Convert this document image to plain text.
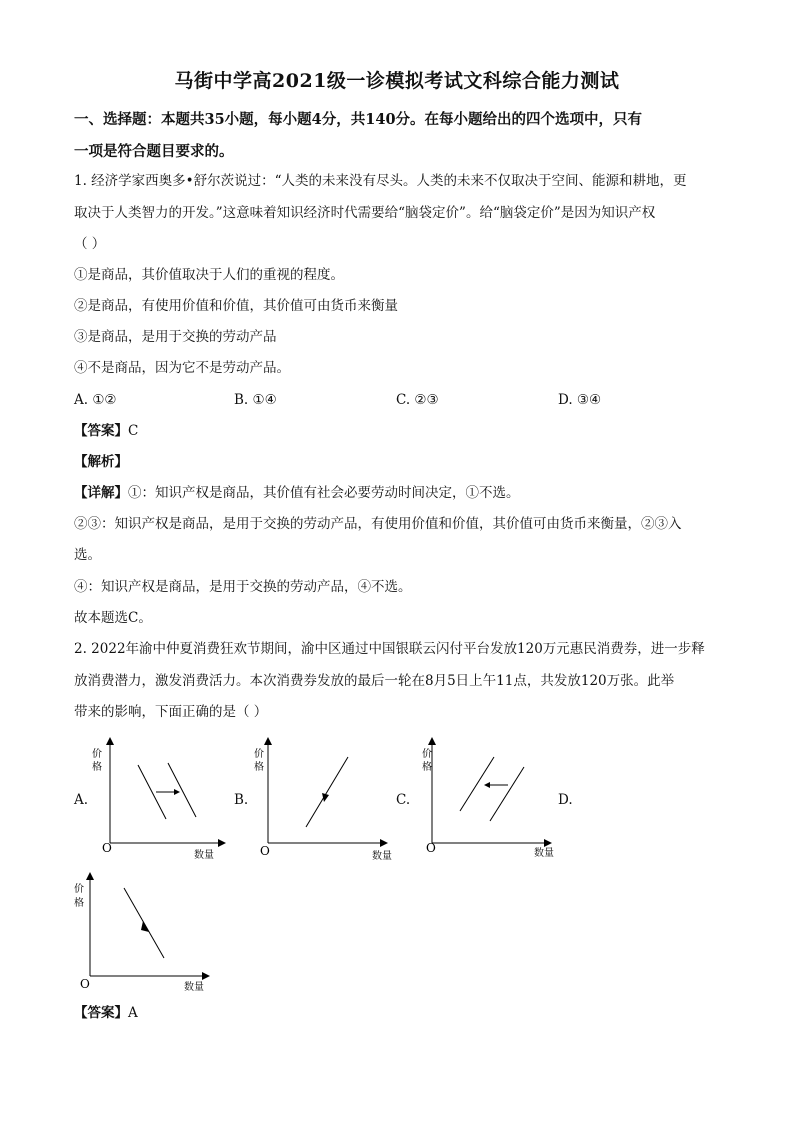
马街中学高2021级一诊模拟考试文科综合能力测试
一、选择题：本题共35小题，每小题4分，共140分。在每小题给出的四个选项中，只有
一项是符合题目要求的。
1. 经济学家西奥多•舒尔茨说过：“人类的未来没有尽头。人类的未来不仅取决于空间、能源和耕地，更
取决于人类智力的开发。”这意味着知识经济时代需要给“脑袋定价”。给“脑袋定价”是因为知识产权
（ ）
①是商品，其价值取决于人们的重视的程度。
②是商品，有使用价值和价值，其价值可由货币来衡量
③是商品，是用于交换的劳动产品
④不是商品，因为它不是劳动产品。
A. ①②	B. ①④	C. ②③	D. ③④
【答案】C
【解析】
【详解】①：知识产权是商品，其价值有社会必要劳动时间决定，①不选。
②③：知识产权是商品，是用于交换的劳动产品，有使用价值和价值，其价值可由货币来衡量，②③入
选。
④：知识产权是商品，是用于交换的劳动产品，④不选。
故本题选C。
2. 2022年渝中仲夏消费狂欢节期间，渝中区通过中国银联云闪付平台发放120万元惠民消费券，进一步释
放消费潜力，激发消费活力。本次消费券发放的最后一轮在8月5日上午11点，共发放120万张。此举
带来的影响，下面正确的是（ ）
A.	B.	C.	D.
价
格
O
数量
价
格
O	数量
价
格
O	数量
价
格
O	数量
【答案】A
